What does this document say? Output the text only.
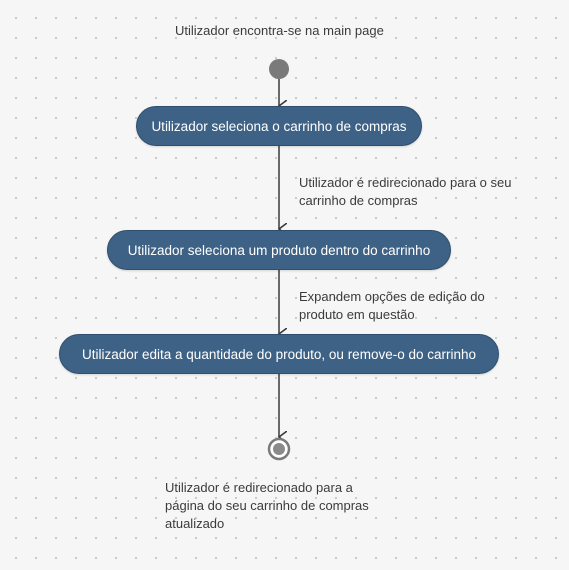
Utilizador encontra-se na main page
Utilizador seleciona o carrinho de compras
Utilizador seleciona um produto dentro do carrinho
Utilizador edita a quantidade do produto, ou remove-o do carrinho
Utilizador é redirecionado para o seu
carrinho de compras
Expandem opções de edição do
produto em questão
Utilizador é redirecionado para a
página do seu carrinho de compras
atualizado
